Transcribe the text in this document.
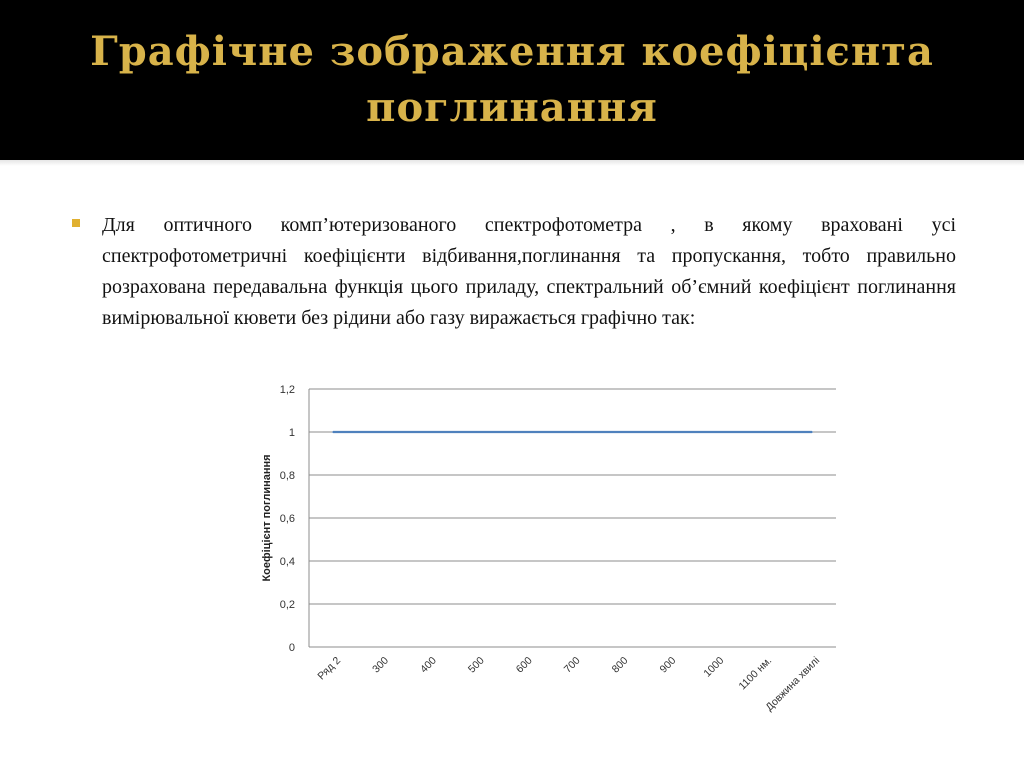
Графічне зображення коефіцієнта поглинання

Для оптичного комп’ютеризованого спектрофотометра , в якому враховані усі спектрофотометричні коефіцієнти відбивання,поглинання та пропускання, тобто правильно розрахована передавальна функція цього приладу, спектральний об’ємний коефіцієнт поглинання вимірювальної кювети без рідини або газу виражається графічно так:

0
0,2
0,4
0,6
0,8
1
1,2
Ряд 2	300	400	500	600	700	800	900 1000 1100 нм.
Довжина хвилі
Коефіцієнт поглинання
